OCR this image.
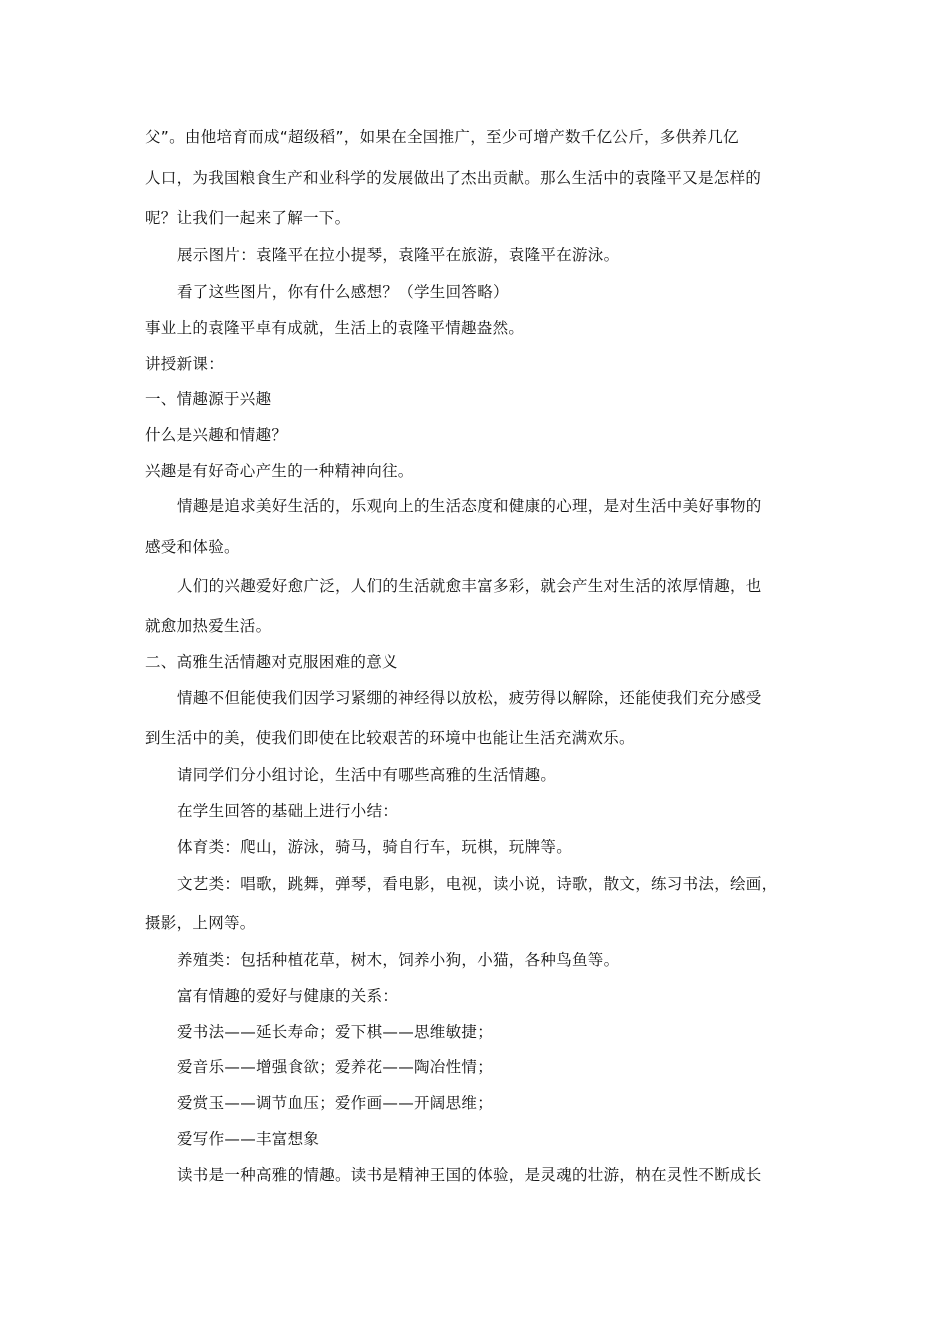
父”。由他培育而成“超级稻”，如果在全国推广，至少可增产数千亿公斤，多供养几亿
人口，为我国粮食生产和业科学的发展做出了杰出贡献。那么生活中的袁隆平又是怎样的
呢？让我们一起来了解一下。
展示图片：袁隆平在拉小提琴，袁隆平在旅游，袁隆平在游泳。
看了这些图片，你有什么感想？（学生回答略）
事业上的袁隆平卓有成就，生活上的袁隆平情趣盎然。
讲授新课：
一、情趣源于兴趣
什么是兴趣和情趣？
兴趣是有好奇心产生的一种精神向往。
情趣是追求美好生活的，乐观向上的生活态度和健康的心理，是对生活中美好事物的
感受和体验。
人们的兴趣爱好愈广泛，人们的生活就愈丰富多彩，就会产生对生活的浓厚情趣，也
就愈加热爱生活。
二、高雅生活情趣对克服困难的意义
情趣不但能使我们因学习紧绷的神经得以放松，疲劳得以解除，还能使我们充分感受
到生活中的美，使我们即使在比较艰苦的环境中也能让生活充满欢乐。
请同学们分小组讨论，生活中有哪些高雅的生活情趣。
在学生回答的基础上进行小结：
体育类：爬山，游泳，骑马，骑自行车，玩棋，玩牌等。
文艺类：唱歌，跳舞，弹琴，看电影，电视，读小说，诗歌，散文，练习书法，绘画，
摄影，上网等。
养殖类：包括种植花草，树木，饲养小狗，小猫，各种鸟鱼等。
富有情趣的爱好与健康的关系：
爱书法——延长寿命；爱下棋——思维敏捷；
爱音乐——增强食欲；爱养花——陶冶性情；
爱赏玉——调节血压；爱作画——开阔思维；
爱写作——丰富想象
读书是一种高雅的情趣。读书是精神王国的体验，是灵魂的壮游，枘在灵性不断成长
